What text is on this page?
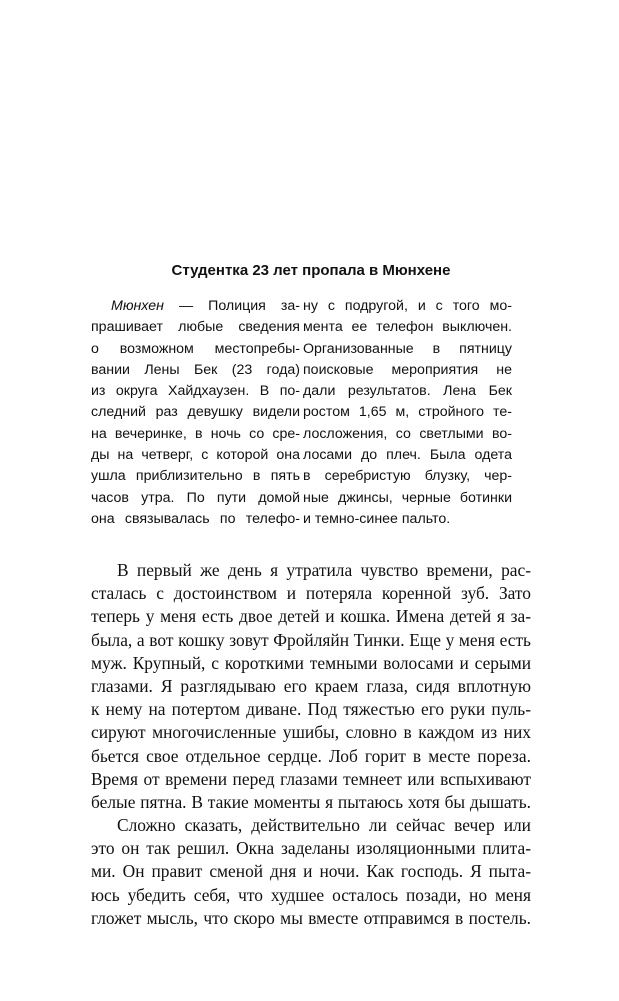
Студентка 23 лет пропала в Мюнхене
Мюнхен — Полиция за-
прашивает любые сведения
о возможном местопребы-
вании Лены Бек (23 года)
из округа Хайдхаузен. В по-
следний раз девушку видели
на вечеринке, в ночь со сре-
ды на четверг, с которой она
ушла приблизительно в пять
часов утра. По пути домой
она связывалась по телефо-
ну с подругой, и с того мо-
мента ее телефон выключен.
Организованные в пятницу
поисковые мероприятия не
дали результатов. Лена Бек
ростом 1,65 м, стройного те-
лосложения, со светлыми во-
лосами до плеч. Была одета
в серебристую блузку, чер-
ные джинсы, черные ботинки
и темно-синее пальто.
В первый же день я утратила чувство времени, рас-
сталась с достоинством и потеряла коренной зуб. Зато
теперь у меня есть двое детей и кошка. Имена детей я за-
была, а вот кошку зовут Фройляйн Тинки. Еще у меня есть
муж. Крупный, с короткими темными волосами и серыми
глазами. Я разглядываю его краем глаза, сидя вплотную
к нему на потертом диване. Под тяжестью его руки пуль-
сируют многочисленные ушибы, словно в каждом из них
бьется свое отдельное сердце. Лоб горит в месте пореза.
Время от времени перед глазами темнеет или вспыхивают
белые пятна. В такие моменты я пытаюсь хотя бы дышать.
Сложно сказать, действительно ли сейчас вечер или
это он так решил. Окна заделаны изоляционными плита-
ми. Он правит сменой дня и ночи. Как господь. Я пыта-
юсь убедить себя, что худшее осталось позади, но меня
гложет мысль, что скоро мы вместе отправимся в постель.
